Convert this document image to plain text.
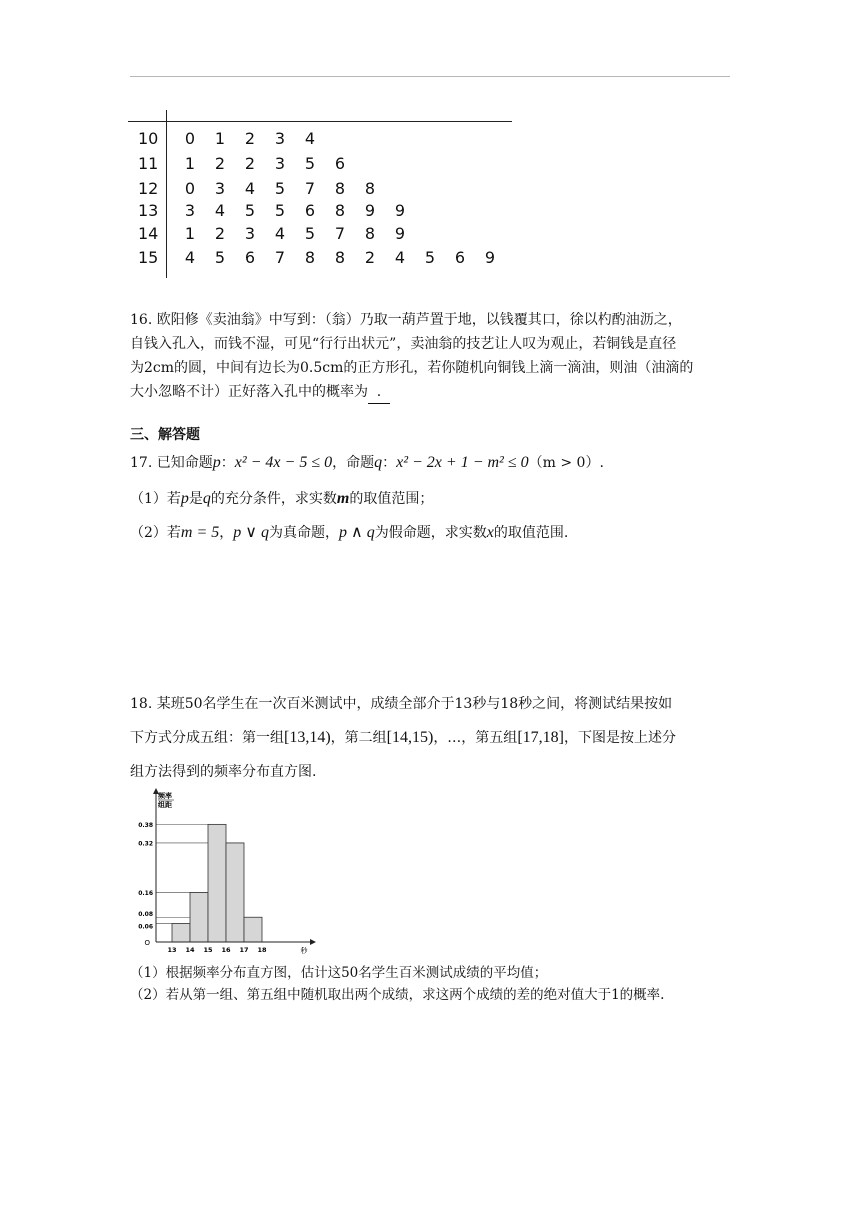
10	0	1	2	3	4
11	1	2	2	3	5	6
12	0	3	4	5	7	8	8
13	3	4	5	5	6	8	9	9
14	1	2	3	4	5	7	8	9
15	4	5	6	7	8	8	2	4	5	6	9
16. 欧阳修《卖油翁》中写到：（翁）乃取一葫芦置于地，以钱覆其口，徐以杓酌油沥之，
自钱入孔入，而钱不湿，可见“行行出状元”，卖油翁的技艺让人叹为观止，若铜钱是直径
为2cm的圆，中间有边长为0.5cm的正方形孔，若你随机向铜钱上滴一滴油，则油（油滴的
大小忽略不计）正好落入孔中的概率为 .
三、解答题
17. 已知命题p：x² − 4x − 5 ≤ 0，命题q：x² − 2x + 1 − m² ≤ 0（m > 0）.
（1）若p是q的充分条件，求实数m的取值范围；
（2）若m = 5，p ∨ q为真命题，p ∧ q为假命题，求实数x的取值范围.
18. 某班50名学生在一次百米测试中，成绩全部介于13秒与18秒之间，将测试结果按如
下方式分成五组：第一组[13,14)，第二组[14,15)，…，第五组[17,18]，下图是按上述分
组方法得到的频率分布直方图.
频率
组距
0.06
0.08
0.16
0.32
0.38
13 14 15 16 17 18
O
秒
（1）根据频率分布直方图，估计这50名学生百米测试成绩的平均值；
（2）若从第一组、第五组中随机取出两个成绩，求这两个成绩的差的绝对值大于1的概率.
